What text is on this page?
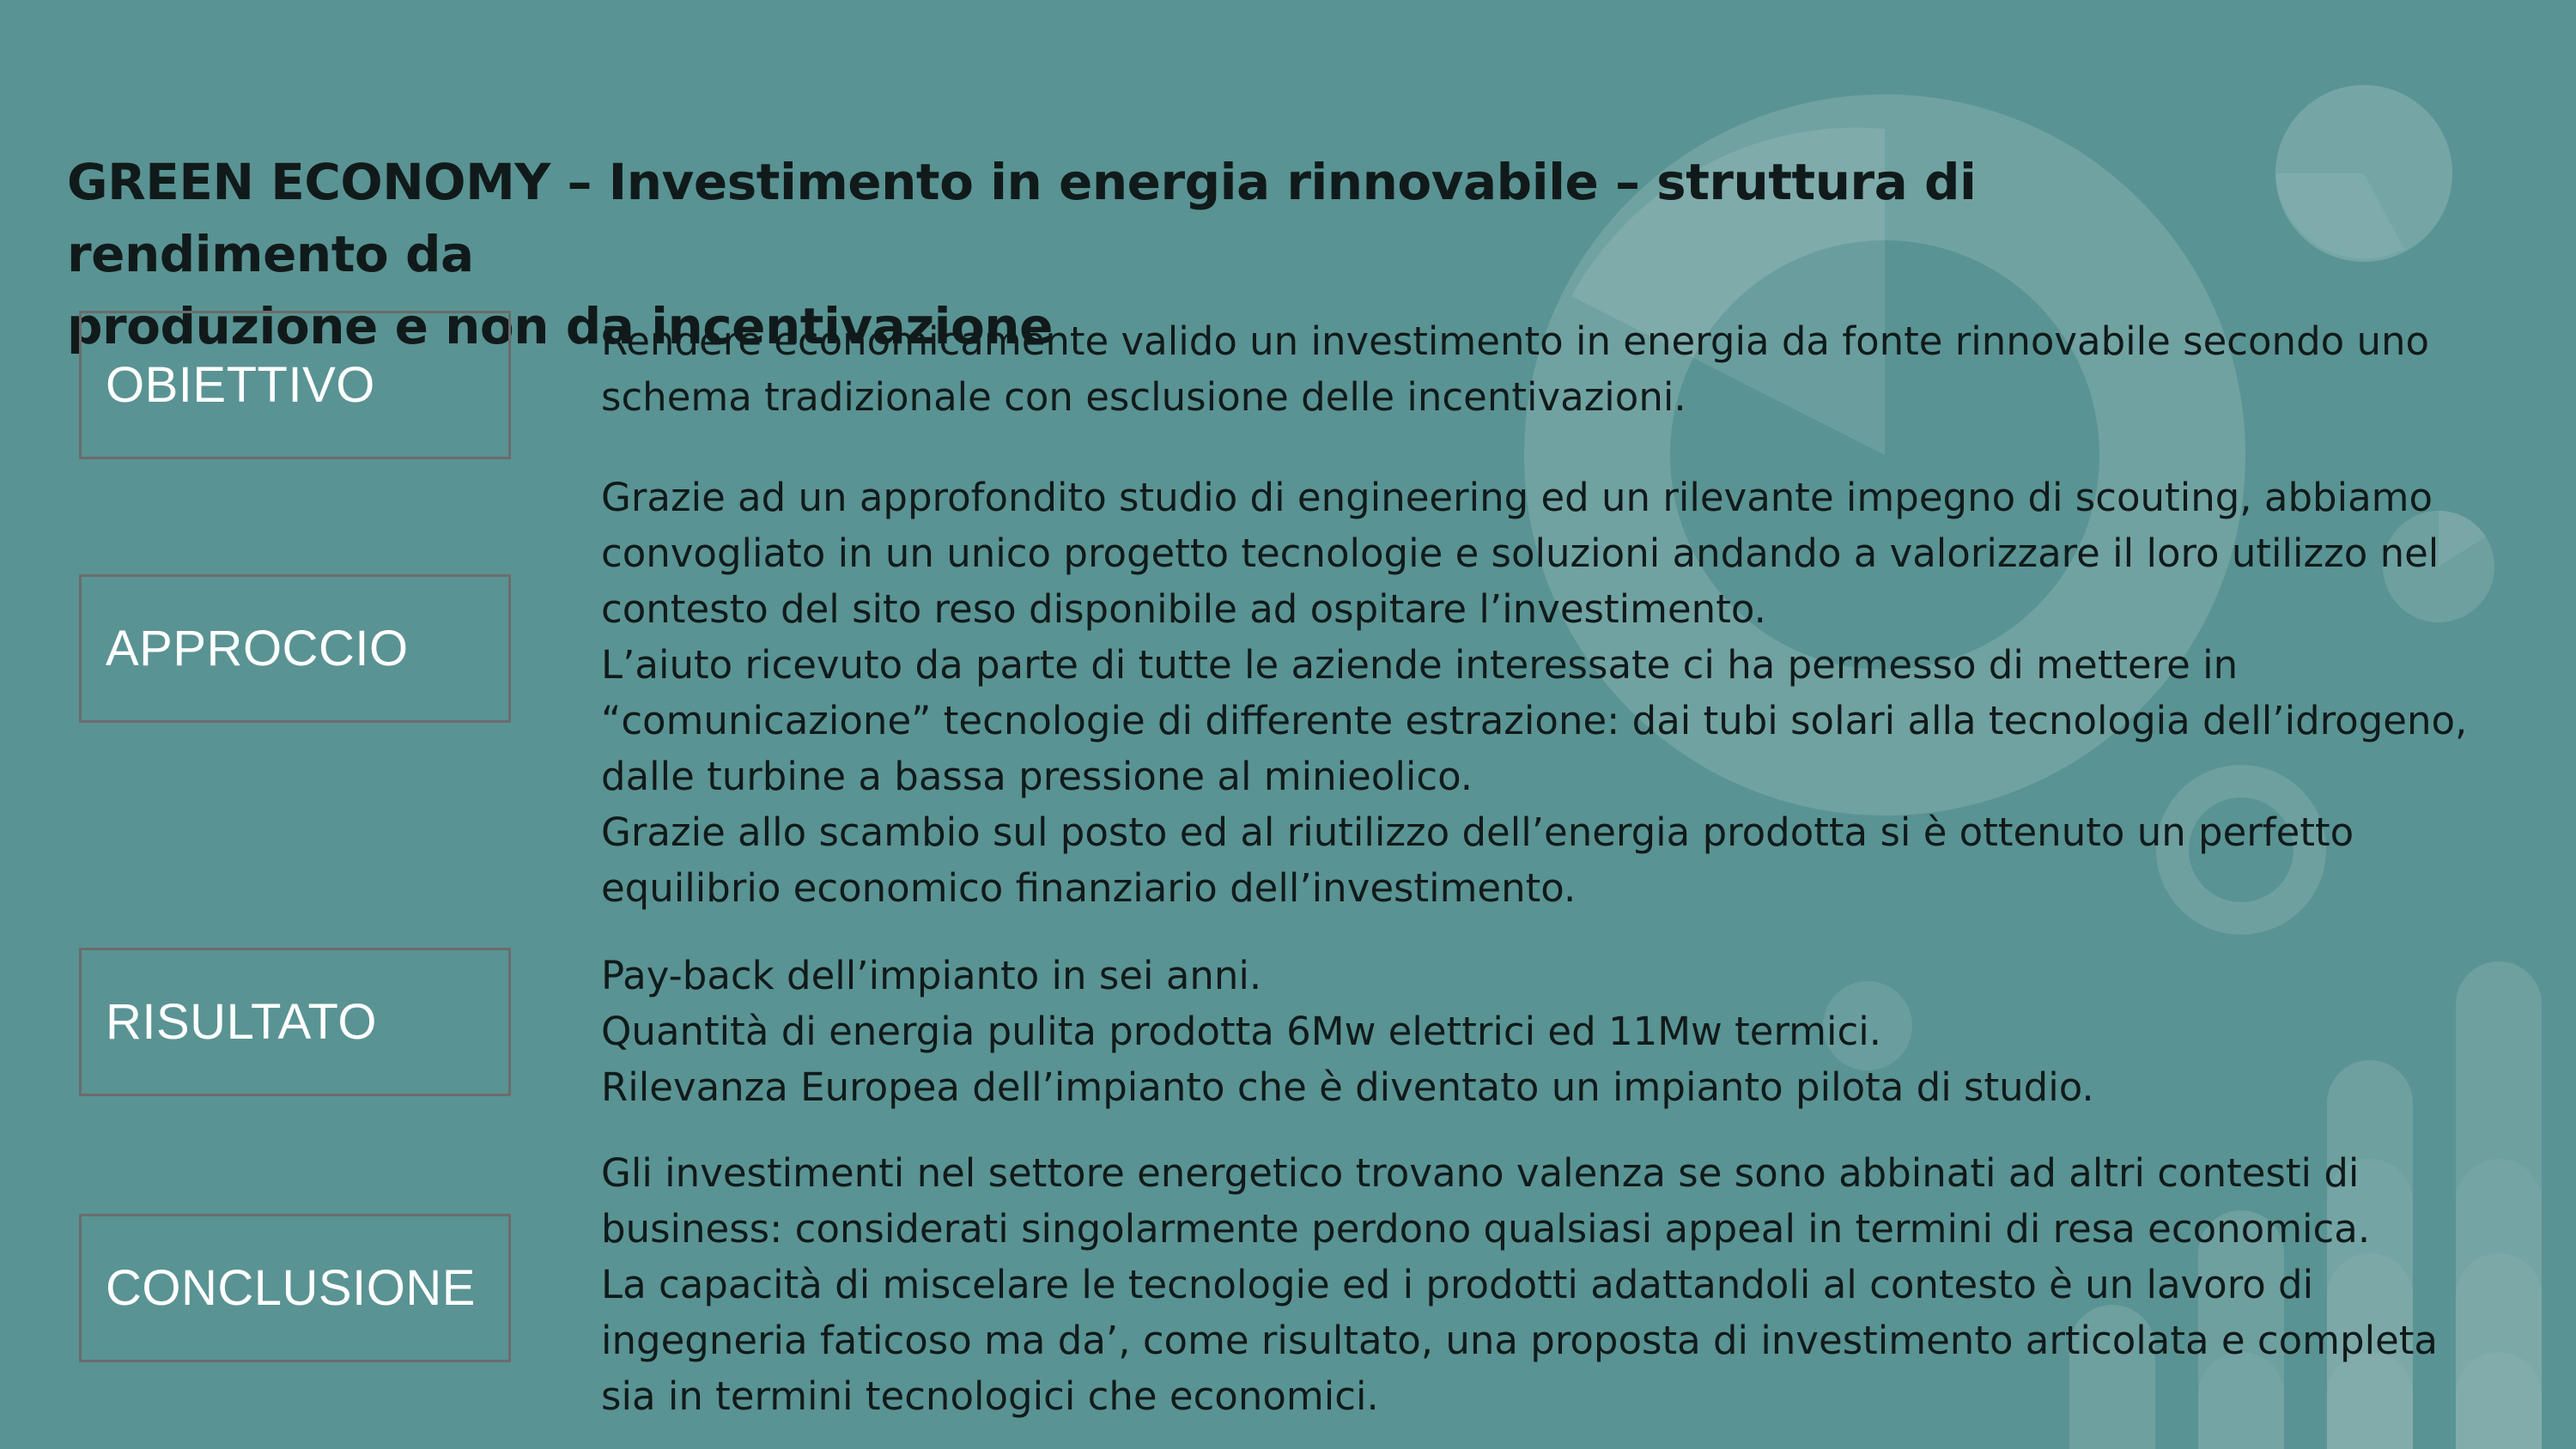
GREEN ECONOMY – Investimento in energia rinnovabile – struttura di rendimento da
produzione e non da incentivazione
OBIETTIVO
Rendere economicamente valido un investimento in energia da fonte rinnovabile secondo uno
schema tradizionale con esclusione delle incentivazioni.
APPROCCIO
Grazie ad un approfondito studio di engineering ed un rilevante impegno di scouting, abbiamo
convogliato in un unico progetto tecnologie e soluzioni andando a valorizzare il loro utilizzo nel
contesto del sito reso disponibile ad ospitare l’investimento.
L’aiuto ricevuto da parte di tutte le aziende interessate ci ha permesso di mettere in
“comunicazione” tecnologie di differente estrazione: dai tubi solari alla tecnologia dell’idrogeno,
dalle turbine a bassa pressione al minieolico.
Grazie allo scambio sul posto ed al riutilizzo dell’energia prodotta si è ottenuto un perfetto
equilibrio economico finanziario dell’investimento.
RISULTATO
Pay-back dell’impianto in sei anni.
Quantità di energia pulita prodotta 6Mw elettrici ed 11Mw termici.
Rilevanza Europea dell’impianto che è diventato un impianto pilota di studio.
CONCLUSIONE
Gli investimenti nel settore energetico trovano valenza se sono abbinati ad altri contesti di
business: considerati singolarmente perdono qualsiasi appeal in termini di resa economica.
La capacità di miscelare le tecnologie ed i prodotti adattandoli al contesto è un lavoro di
ingegneria faticoso ma da’, come risultato, una proposta di investimento articolata e completa
sia in termini tecnologici che economici.
